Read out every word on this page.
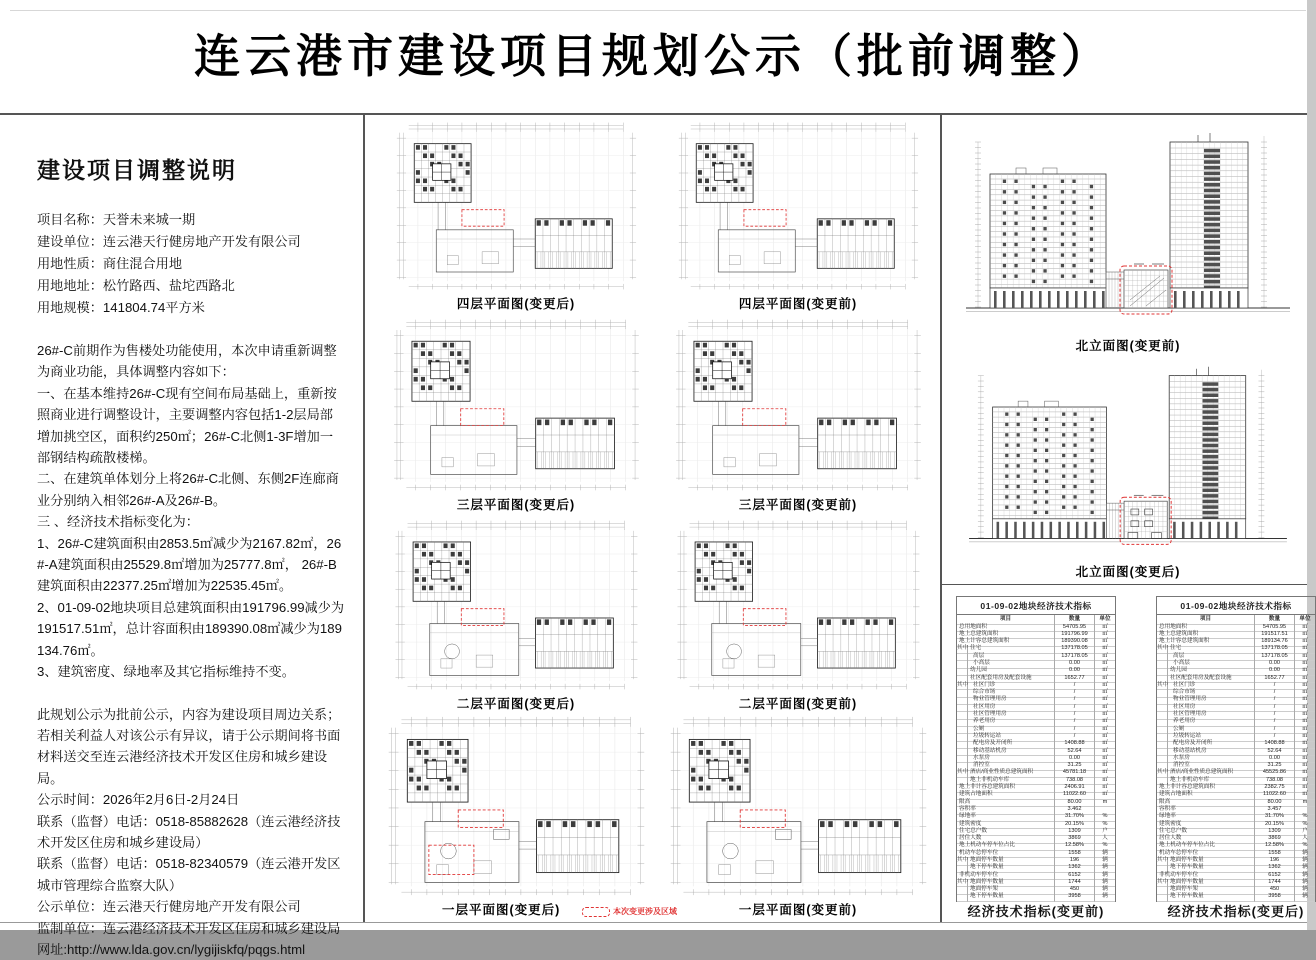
连云港市建设项目规划公示（批前调整）
建设项目调整说明
项目名称：天誉未来城一期
建设单位：连云港天行健房地产开发有限公司
用地性质：商住混合用地
用地地址：松竹路西、盐坨西路北
用地规模：141804.74平方米

26#-C前期作为售楼处功能使用，本次申请重新调整为商业功能，具体调整内容如下：

一、在基本维持26#-C现有空间布局基础上，重新按照商业进行调整设计，主要调整内容包括1-2层局部增加挑空区，面积约250㎡；26#-C北侧1-3F增加一部钢结构疏散楼梯。

二、在建筑单体划分上将26#-C北侧、东侧2F连廊商业分别纳入相邻26#-A及26#-B。

三 、经济技术指标变化为：

1、26#-C建筑面积由2853.5㎡减少为2167.82㎡，26#-A建筑面积由25529.8㎡增加为25777.8㎡， 26#-B建筑面积由22377.25㎡增加为22535.45㎡。

2、01-09-02地块项目总建筑面积由191796.99减少为191517.51㎡，总计容面积由189390.08㎡减少为189134.76㎡。

3、建筑密度、绿地率及其它指标维持不变。

此规划公示为批前公示，内容为建设项目周边关系；若相关利益人对该公示有异议，请于公示期间将书面材料送交至连云港经济技术开发区住房和城乡建设局。

公示时间：2026年2月6日-2月24日

联系（监督）电话：0518-85882628（连云港经济技术开发区住房和城乡建设局）

联系（监督）电话：0518-82340579（连云港开发区城市管理综合监察大队）

公示单位：连云港天行健房地产开发有限公司

监制单位：连云港经济技术开发区住房和城乡建设局

网址:http://www.lda.gov.cn/lygijiskfq/pqgs.html

四层平面图(变更后)	四层平面图(变更前)
三层平面图(变更后)	三层平面图(变更前)
二层平面图(变更后)	二层平面图(变更前)
一层平面图(变更后)	本次变更涉及区域	一层平面图(变更前)
北立面图(变更前)
北立面图(变更后)
01-09-02地块经济技术指标
项目	数量	单位
总用地面积	54705.95	㎡
地上总建筑面积	191796.99	㎡
地上计容总建筑面积	189390.08	㎡
其中 住宅	137178.05	㎡
高层	137178.05	㎡
小高层	0.00	㎡
幼儿园	0.00	㎡
社区配套用房及配套设施	1652.77	㎡
其中 社区门诊	/	㎡
综合市场	/	㎡
物业管理用房	/	㎡
社区用房	/	㎡
社区管理用房	/	㎡
养老用房	/	㎡
公厕	/	㎡
垃圾转运站	/	㎡
配电房及开闭所	1408.88	㎡
移动基站机房	52.64	㎡
水泵房	0.00	㎡
消控室	31.25	㎡
其中 酒店/商业性质总建筑面积	45781.18	㎡
地上非机动车库	738.08	㎡
地上非计容总建筑面积	2406.91	㎡
建筑占地面积	11022.60	㎡
限高	80.00	m
容积率	3.462
绿地率	31.70%	%
建筑密度	20.15%	%
住宅总户数	1309	户
居住人数	3869	人
地上机动车停车位占比	12.58%	%
机动车总停车位	1558	辆
其中 地面停车数量	196	辆
地下停车数量	1362	辆
非机动车停车位	6152	辆
其中 地面停车数量	1744	辆
地面停车架	450	辆
地下停车数量	3958	辆
01-09-02地块经济技术指标
项目	数量	单位
总用地面积	54705.95	㎡
地上总建筑面积	191517.51	㎡
地上计容总建筑面积	189134.76	㎡
其中 住宅	137178.05	㎡
高层	137178.05	㎡
小高层	0.00	㎡
幼儿园	0.00	㎡
社区配套用房及配套设施	1652.77	㎡
其中 社区门诊	/	㎡
综合市场	/	㎡
物业管理用房	/	㎡
社区用房	/	㎡
社区管理用房	/	㎡
养老用房	/	㎡
公厕	/	㎡
垃圾转运站	/	㎡
配电房及开闭所	1408.88	㎡
移动基站机房	52.64	㎡
水泵房	0.00	㎡
消控室	31.25	㎡
其中 酒店/商业性质总建筑面积	45525.86	㎡
地上非机动车库	738.08	㎡
地上非计容总建筑面积	2382.75	㎡
建筑占地面积	11022.60	㎡
限高	80.00	m
容积率	3.457
绿地率	31.70%	%
建筑密度	20.15%	%
住宅总户数	1309	户
居住人数	3869	人
地上机动车停车位占比	12.58%	%
机动车总停车位	1558	辆
其中 地面停车数量	196	辆
地下停车数量	1362	辆
非机动车停车位	6152	辆
其中 地面停车数量	1744	辆
地面停车架	450	辆
地下停车数量	3958	辆
经济技术指标(变更前)	经济技术指标(变更后)
